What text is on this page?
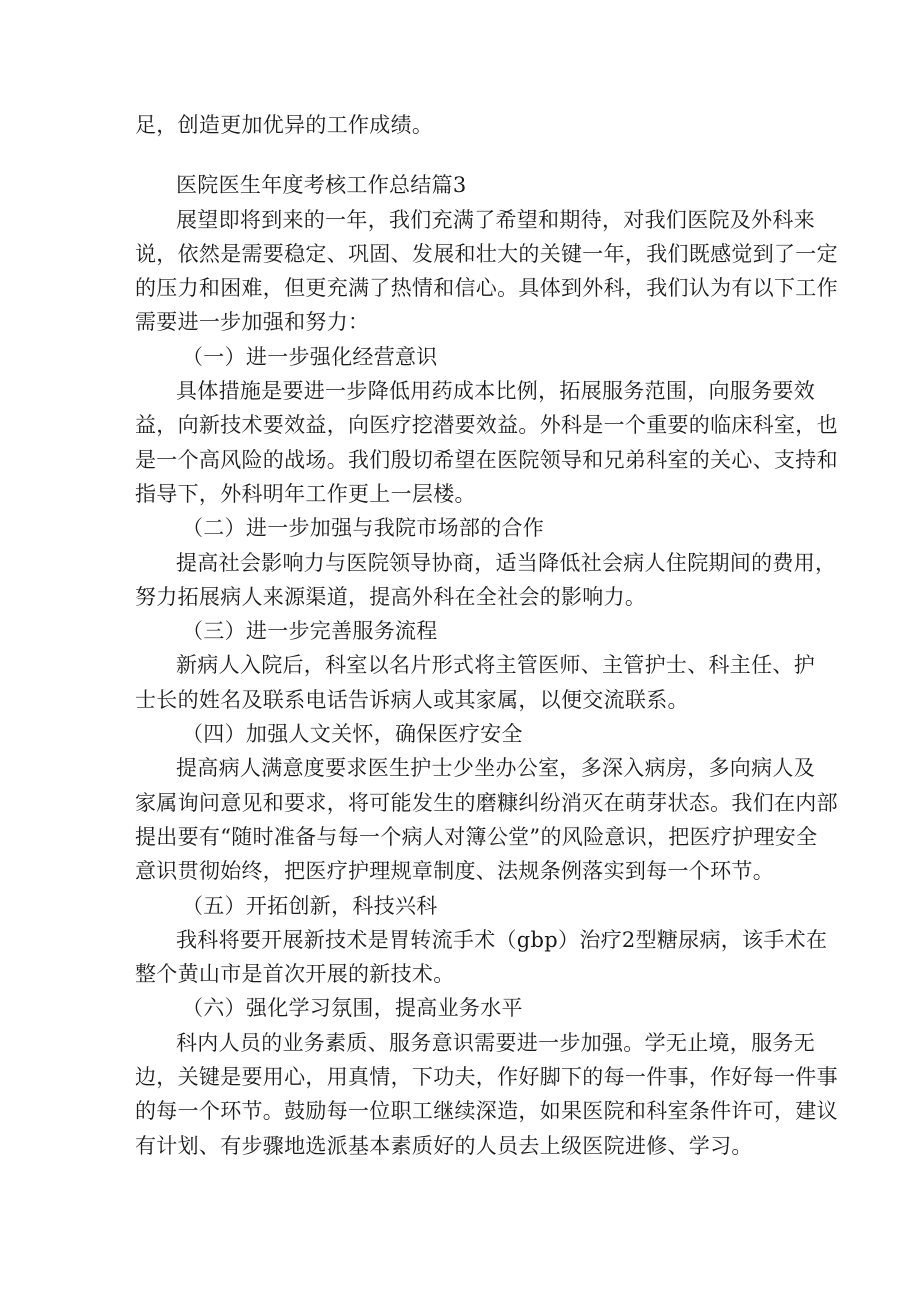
足，创造更加优异的工作成绩。
医院医生年度考核工作总结篇3
展望即将到来的一年，我们充满了希望和期待，对我们医院及外科来
说，依然是需要稳定、巩固、发展和壮大的关键一年，我们既感觉到了一定
的压力和困难，但更充满了热情和信心。具体到外科，我们认为有以下工作
需要进一步加强和努力：
（一）进一步强化经营意识
具体措施是要进一步降低用药成本比例，拓展服务范围，向服务要效
益，向新技术要效益，向医疗挖潜要效益。外科是一个重要的临床科室，也
是一个高风险的战场。我们殷切希望在医院领导和兄弟科室的关心、支持和
指导下，外科明年工作更上一层楼。
（二）进一步加强与我院市场部的合作
提高社会影响力与医院领导协商，适当降低社会病人住院期间的费用，
努力拓展病人来源渠道，提高外科在全社会的影响力。
（三）进一步完善服务流程
新病人入院后，科室以名片形式将主管医师、主管护士、科主任、护
士长的姓名及联系电话告诉病人或其家属，以便交流联系。
（四）加强人文关怀，确保医疗安全
提高病人满意度要求医生护士少坐办公室，多深入病房，多向病人及
家属询问意见和要求，将可能发生的磨糠纠纷消灭在萌芽状态。我们在内部
提出要有“随时准备与每一个病人对簿公堂”的风险意识，把医疗护理安全
意识贯彻始终，把医疗护理规章制度、法规条例落实到每一个环节。
（五）开拓创新，科技兴科
我科将要开展新技术是胃转流手术（gbp）治疗2型糖尿病，该手术在
整个黄山市是首次开展的新技术。
（六）强化学习氛围，提高业务水平
科内人员的业务素质、服务意识需要进一步加强。学无止境，服务无
边，关键是要用心，用真情，下功夫，作好脚下的每一件事，作好每一件事
的每一个环节。鼓励每一位职工继续深造，如果医院和科室条件许可，建议
有计划、有步骤地选派基本素质好的人员去上级医院进修、学习。
